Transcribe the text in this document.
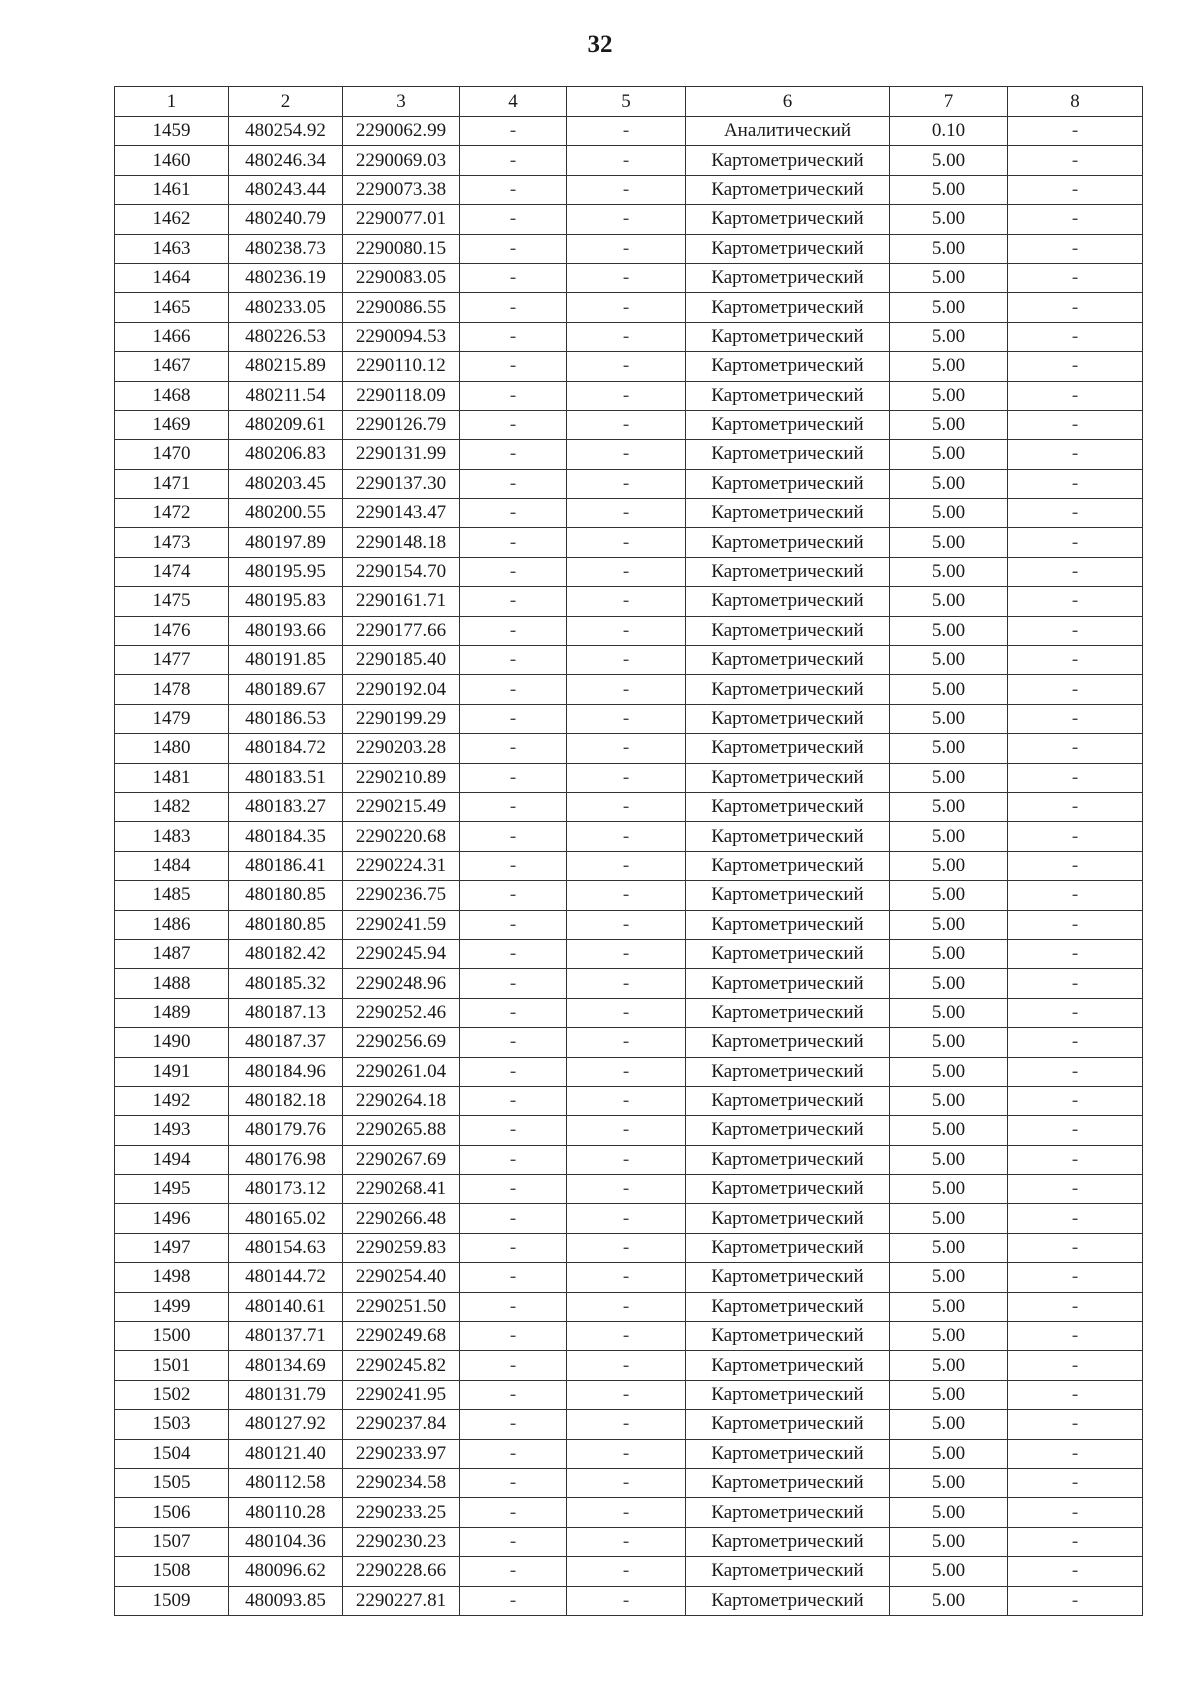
32
1	2	3	4	5	6	7	8
1459	480254.92	2290062.99	-	-	Аналитический	0.10	-
1460	480246.34	2290069.03	-	-	Картометрический	5.00	-
1461	480243.44	2290073.38	-	-	Картометрический	5.00	-
1462	480240.79	2290077.01	-	-	Картометрический	5.00	-
1463	480238.73	2290080.15	-	-	Картометрический	5.00	-
1464	480236.19	2290083.05	-	-	Картометрический	5.00	-
1465	480233.05	2290086.55	-	-	Картометрический	5.00	-
1466	480226.53	2290094.53	-	-	Картометрический	5.00	-
1467	480215.89	2290110.12	-	-	Картометрический	5.00	-
1468	480211.54	2290118.09	-	-	Картометрический	5.00	-
1469	480209.61	2290126.79	-	-	Картометрический	5.00	-
1470	480206.83	2290131.99	-	-	Картометрический	5.00	-
1471	480203.45	2290137.30	-	-	Картометрический	5.00	-
1472	480200.55	2290143.47	-	-	Картометрический	5.00	-
1473	480197.89	2290148.18	-	-	Картометрический	5.00	-
1474	480195.95	2290154.70	-	-	Картометрический	5.00	-
1475	480195.83	2290161.71	-	-	Картометрический	5.00	-
1476	480193.66	2290177.66	-	-	Картометрический	5.00	-
1477	480191.85	2290185.40	-	-	Картометрический	5.00	-
1478	480189.67	2290192.04	-	-	Картометрический	5.00	-
1479	480186.53	2290199.29	-	-	Картометрический	5.00	-
1480	480184.72	2290203.28	-	-	Картометрический	5.00	-
1481	480183.51	2290210.89	-	-	Картометрический	5.00	-
1482	480183.27	2290215.49	-	-	Картометрический	5.00	-
1483	480184.35	2290220.68	-	-	Картометрический	5.00	-
1484	480186.41	2290224.31	-	-	Картометрический	5.00	-
1485	480180.85	2290236.75	-	-	Картометрический	5.00	-
1486	480180.85	2290241.59	-	-	Картометрический	5.00	-
1487	480182.42	2290245.94	-	-	Картометрический	5.00	-
1488	480185.32	2290248.96	-	-	Картометрический	5.00	-
1489	480187.13	2290252.46	-	-	Картометрический	5.00	-
1490	480187.37	2290256.69	-	-	Картометрический	5.00	-
1491	480184.96	2290261.04	-	-	Картометрический	5.00	-
1492	480182.18	2290264.18	-	-	Картометрический	5.00	-
1493	480179.76	2290265.88	-	-	Картометрический	5.00	-
1494	480176.98	2290267.69	-	-	Картометрический	5.00	-
1495	480173.12	2290268.41	-	-	Картометрический	5.00	-
1496	480165.02	2290266.48	-	-	Картометрический	5.00	-
1497	480154.63	2290259.83	-	-	Картометрический	5.00	-
1498	480144.72	2290254.40	-	-	Картометрический	5.00	-
1499	480140.61	2290251.50	-	-	Картометрический	5.00	-
1500	480137.71	2290249.68	-	-	Картометрический	5.00	-
1501	480134.69	2290245.82	-	-	Картометрический	5.00	-
1502	480131.79	2290241.95	-	-	Картометрический	5.00	-
1503	480127.92	2290237.84	-	-	Картометрический	5.00	-
1504	480121.40	2290233.97	-	-	Картометрический	5.00	-
1505	480112.58	2290234.58	-	-	Картометрический	5.00	-
1506	480110.28	2290233.25	-	-	Картометрический	5.00	-
1507	480104.36	2290230.23	-	-	Картометрический	5.00	-
1508	480096.62	2290228.66	-	-	Картометрический	5.00	-
1509	480093.85	2290227.81	-	-	Картометрический	5.00	-
